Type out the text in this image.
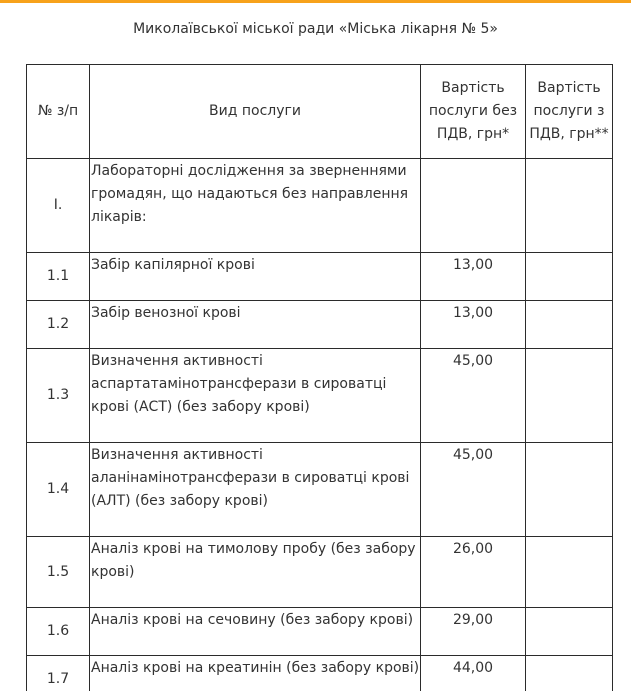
Миколаївської міської ради «Міська лікарня № 5»
№ з/п	Вид послуги	Вартість послуги без ПДВ, грн*	Вартість послуги з ПДВ, грн**

I.	Лабораторні дослідження за зверненнями громадян, що надаються без направлення лікарів:		
1.1	Забір капілярної крові	13,00	
1.2	Забір венозної крові	13,00	
1.3	Визначення активності аспартатамінотрансферази в сироватці крові (АСТ) (без забору крові)	45,00	
1.4	Визначення активності аланінамінотрансферази в сироватці крові (АЛТ) (без забору крові)	45,00	
1.5	Аналіз крові на тимолову пробу (без забору крові)	26,00	
1.6	Аналіз крові на сечовину (без забору крові)	29,00	
1.7	Аналіз крові на креатинін (без забору крові)	44,00	
